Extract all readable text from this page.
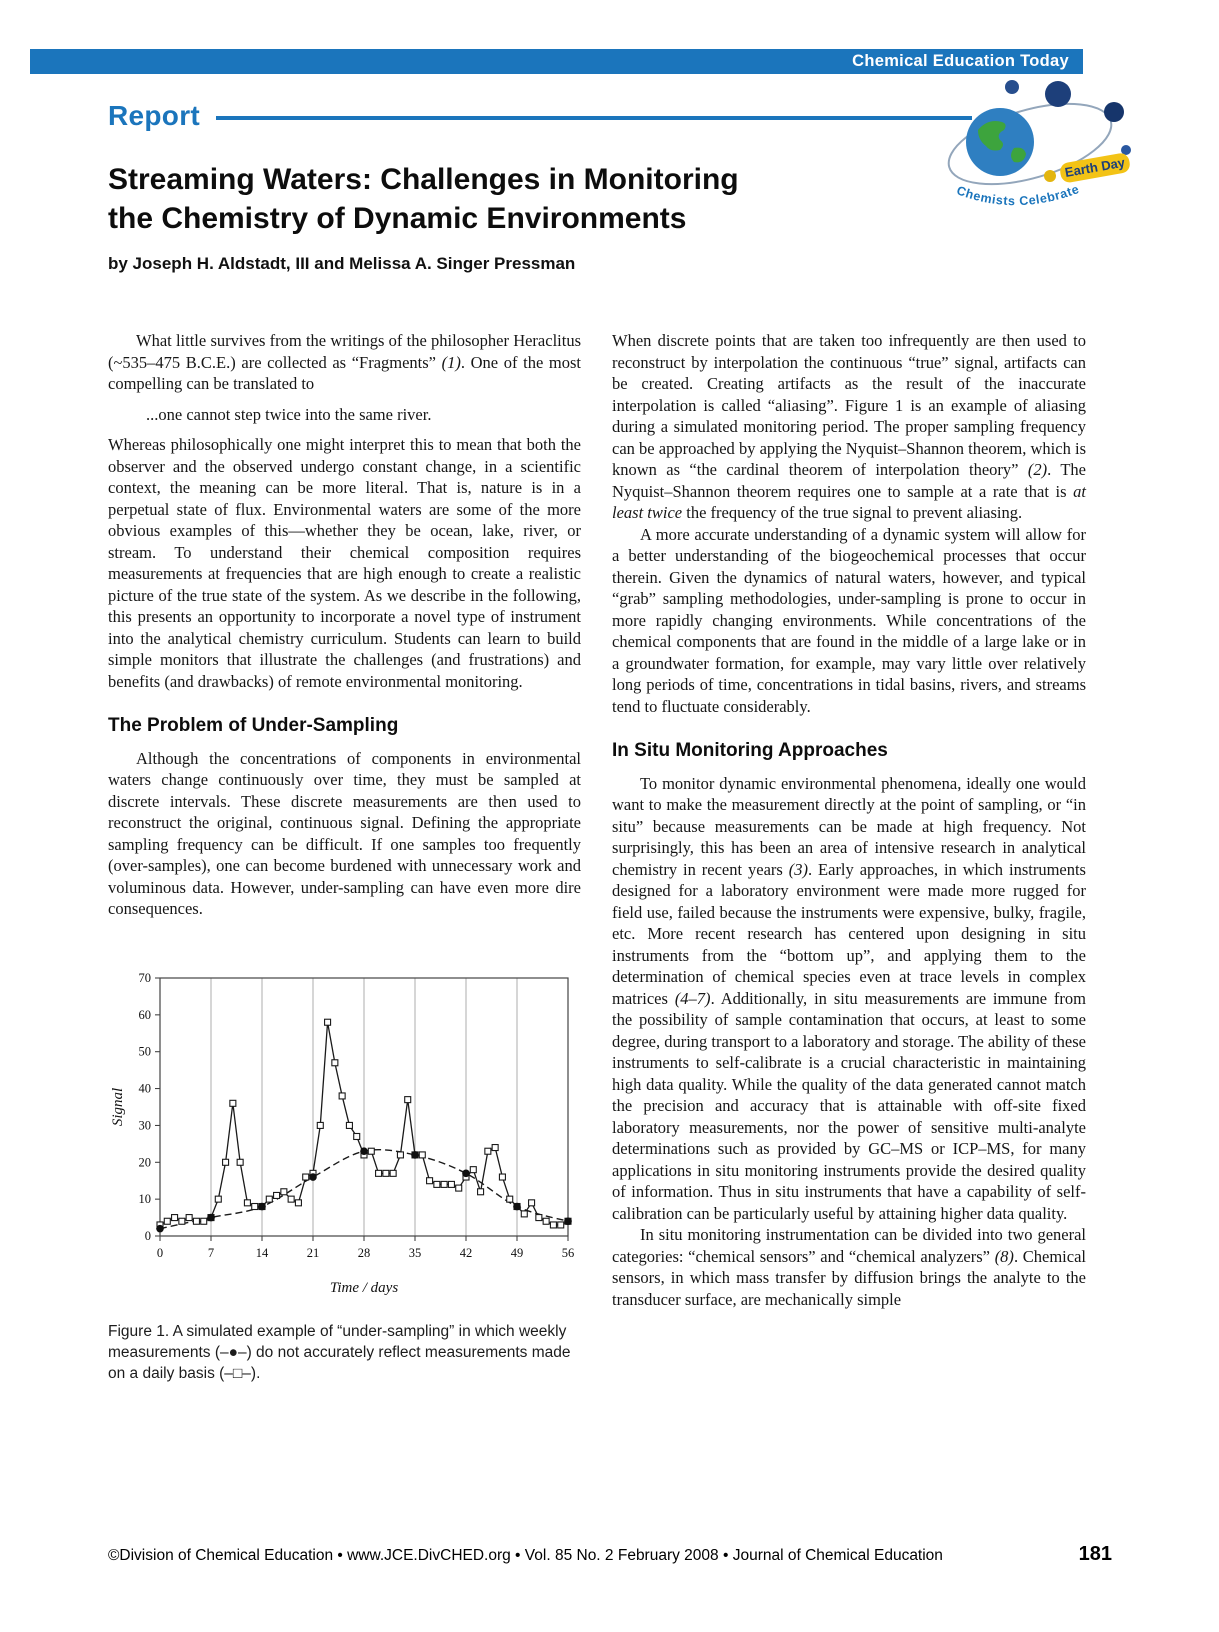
Chemical Education Today
Report
Earth Day
Chemists Celebrate
Streaming Waters: Challenges in Monitoring
the Chemistry of Dynamic Environments
by Joseph H. Aldstadt, III and Melissa A. Singer Pressman

What little survives from the writings of the philosopher Heraclitus (~535–475 B.C.E.) are collected as “Fragments” (1). One of the most compelling can be translated to

...one cannot step twice into the same river.

Whereas philosophically one might interpret this to mean that both the observer and the observed undergo constant change, in a scientific context, the meaning can be more literal. That is, nature is in a perpetual state of flux. Environmental waters are some of the more obvious examples of this—whether they be ocean, lake, river, or stream. To understand their chemical composition requires measurements at frequencies that are high enough to create a realistic picture of the true state of the system. As we describe in the following, this presents an opportunity to incorporate a novel type of instrument into the analytical chemistry curriculum. Students can learn to build simple monitors that illustrate the challenges (and frustrations) and benefits (and drawbacks) of remote environmental monitoring.

The Problem of Under-Sampling

Although the concentrations of components in environmental waters change continuously over time, they must be sampled at discrete intervals. These discrete measurements are then used to reconstruct the original, continuous signal. Defining the appropriate sampling frequency can be difficult. If one samples too frequently (over-samples), one can become burdened with unnecessary work and voluminous data. However, under-sampling can have even more dire consequences.

0	7	14	21	28	35	42	49	56
0
10
20
30
40
50
60
70
Signal
Time / days
Figure 1. A simulated example of “under-sampling” in which weekly measurements (–●–) do not accurately reflect measurements made on a daily basis (–□–).

When discrete points that are taken too infrequently are then used to reconstruct by interpolation the continuous “true” signal, artifacts can be created. Creating artifacts as the result of the inaccurate interpolation is called “aliasing”. Figure 1 is an example of aliasing during a simulated monitoring period. The proper sampling frequency can be approached by applying the Nyquist–Shannon theorem, which is known as “the cardinal theorem of interpolation theory” (2). The Nyquist–Shannon theorem requires one to sample at a rate that is at least twice the frequency of the true signal to prevent aliasing.

A more accurate understanding of a dynamic system will allow for a better understanding of the biogeochemical processes that occur therein. Given the dynamics of natural waters, however, and typical “grab” sampling methodologies, under-sampling is prone to occur in more rapidly changing environments. While concentrations of the chemical components that are found in the middle of a large lake or in a groundwater formation, for example, may vary little over relatively long periods of time, concentrations in tidal basins, rivers, and streams tend to fluctuate considerably.

In Situ Monitoring Approaches

To monitor dynamic environmental phenomena, ideally one would want to make the measurement directly at the point of sampling, or “in situ” because measurements can be made at high frequency. Not surprisingly, this has been an area of intensive research in analytical chemistry in recent years (3). Early approaches, in which instruments designed for a laboratory environment were made more rugged for field use, failed because the instruments were expensive, bulky, fragile, etc. More recent research has centered upon designing in situ instruments from the “bottom up”, and applying them to the determination of chemical species even at trace levels in complex matrices (4–7). Additionally, in situ measurements are immune from the possibility of sample contamination that occurs, at least to some degree, during transport to a laboratory and storage. The ability of these instruments to self-calibrate is a crucial characteristic in maintaining high data quality. While the quality of the data generated cannot match the precision and accuracy that is attainable with off-site fixed laboratory measurements, nor the power of sensitive multi-analyte determinations such as provided by GC–MS or ICP–MS, for many applications in situ monitoring instruments provide the desired quality of information. Thus in situ instruments that have a capability of self-calibration can be particularly useful by attaining higher data quality.

In situ monitoring instrumentation can be divided into two general categories: “chemical sensors” and “chemical analyzers” (8). Chemical sensors, in which mass transfer by diffusion brings the analyte to the transducer surface, are mechanically simple

©Division of Chemical Education • www.JCE.DivCHED.org • Vol. 85 No. 2 February 2008 • Journal of Chemical Education	181
